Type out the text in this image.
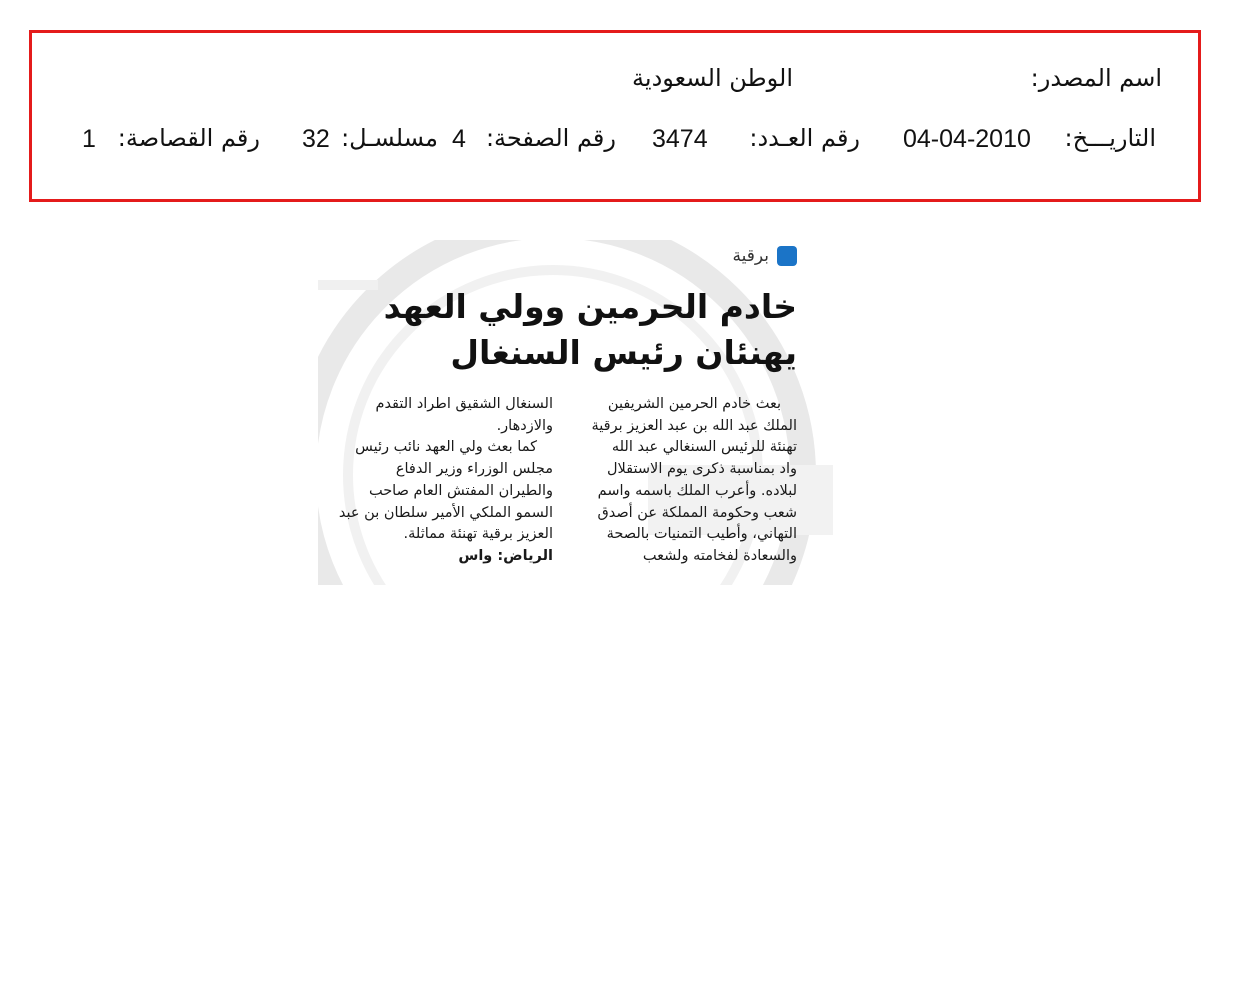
اسم المصدر:
الوطن السعودية
التاريـــخ:
04-04-2010
رقم العـدد:
3474
رقم الصفحة:
4
مسلسـل:
32
رقم القصاصة:
1
برقية
خادم الحرمين وولي العهد
يهنئان رئيس السنغال
بعث خادم الحرمين الشريفين
الملك عبد الله بن عبد العزيز برقية
تهنئة للرئيس السنغالي عبد الله
واد بمناسبة ذكرى يوم الاستقلال
لبلاده. وأعرب الملك باسمه واسم
شعب وحكومة المملكة عن أصدق
التهاني، وأطيب التمنيات بالصحة
والسعادة لفخامته ولشعب
السنغال الشقيق اطراد التقدم
والازدهار.
كما بعث ولي العهد نائب رئيس
مجلس الوزراء وزير الدفاع
والطيران المفتش العام صاحب
السمو الملكي الأمير سلطان بن عبد
العزيز برقية تهنئة مماثلة.
الرياض: واس
